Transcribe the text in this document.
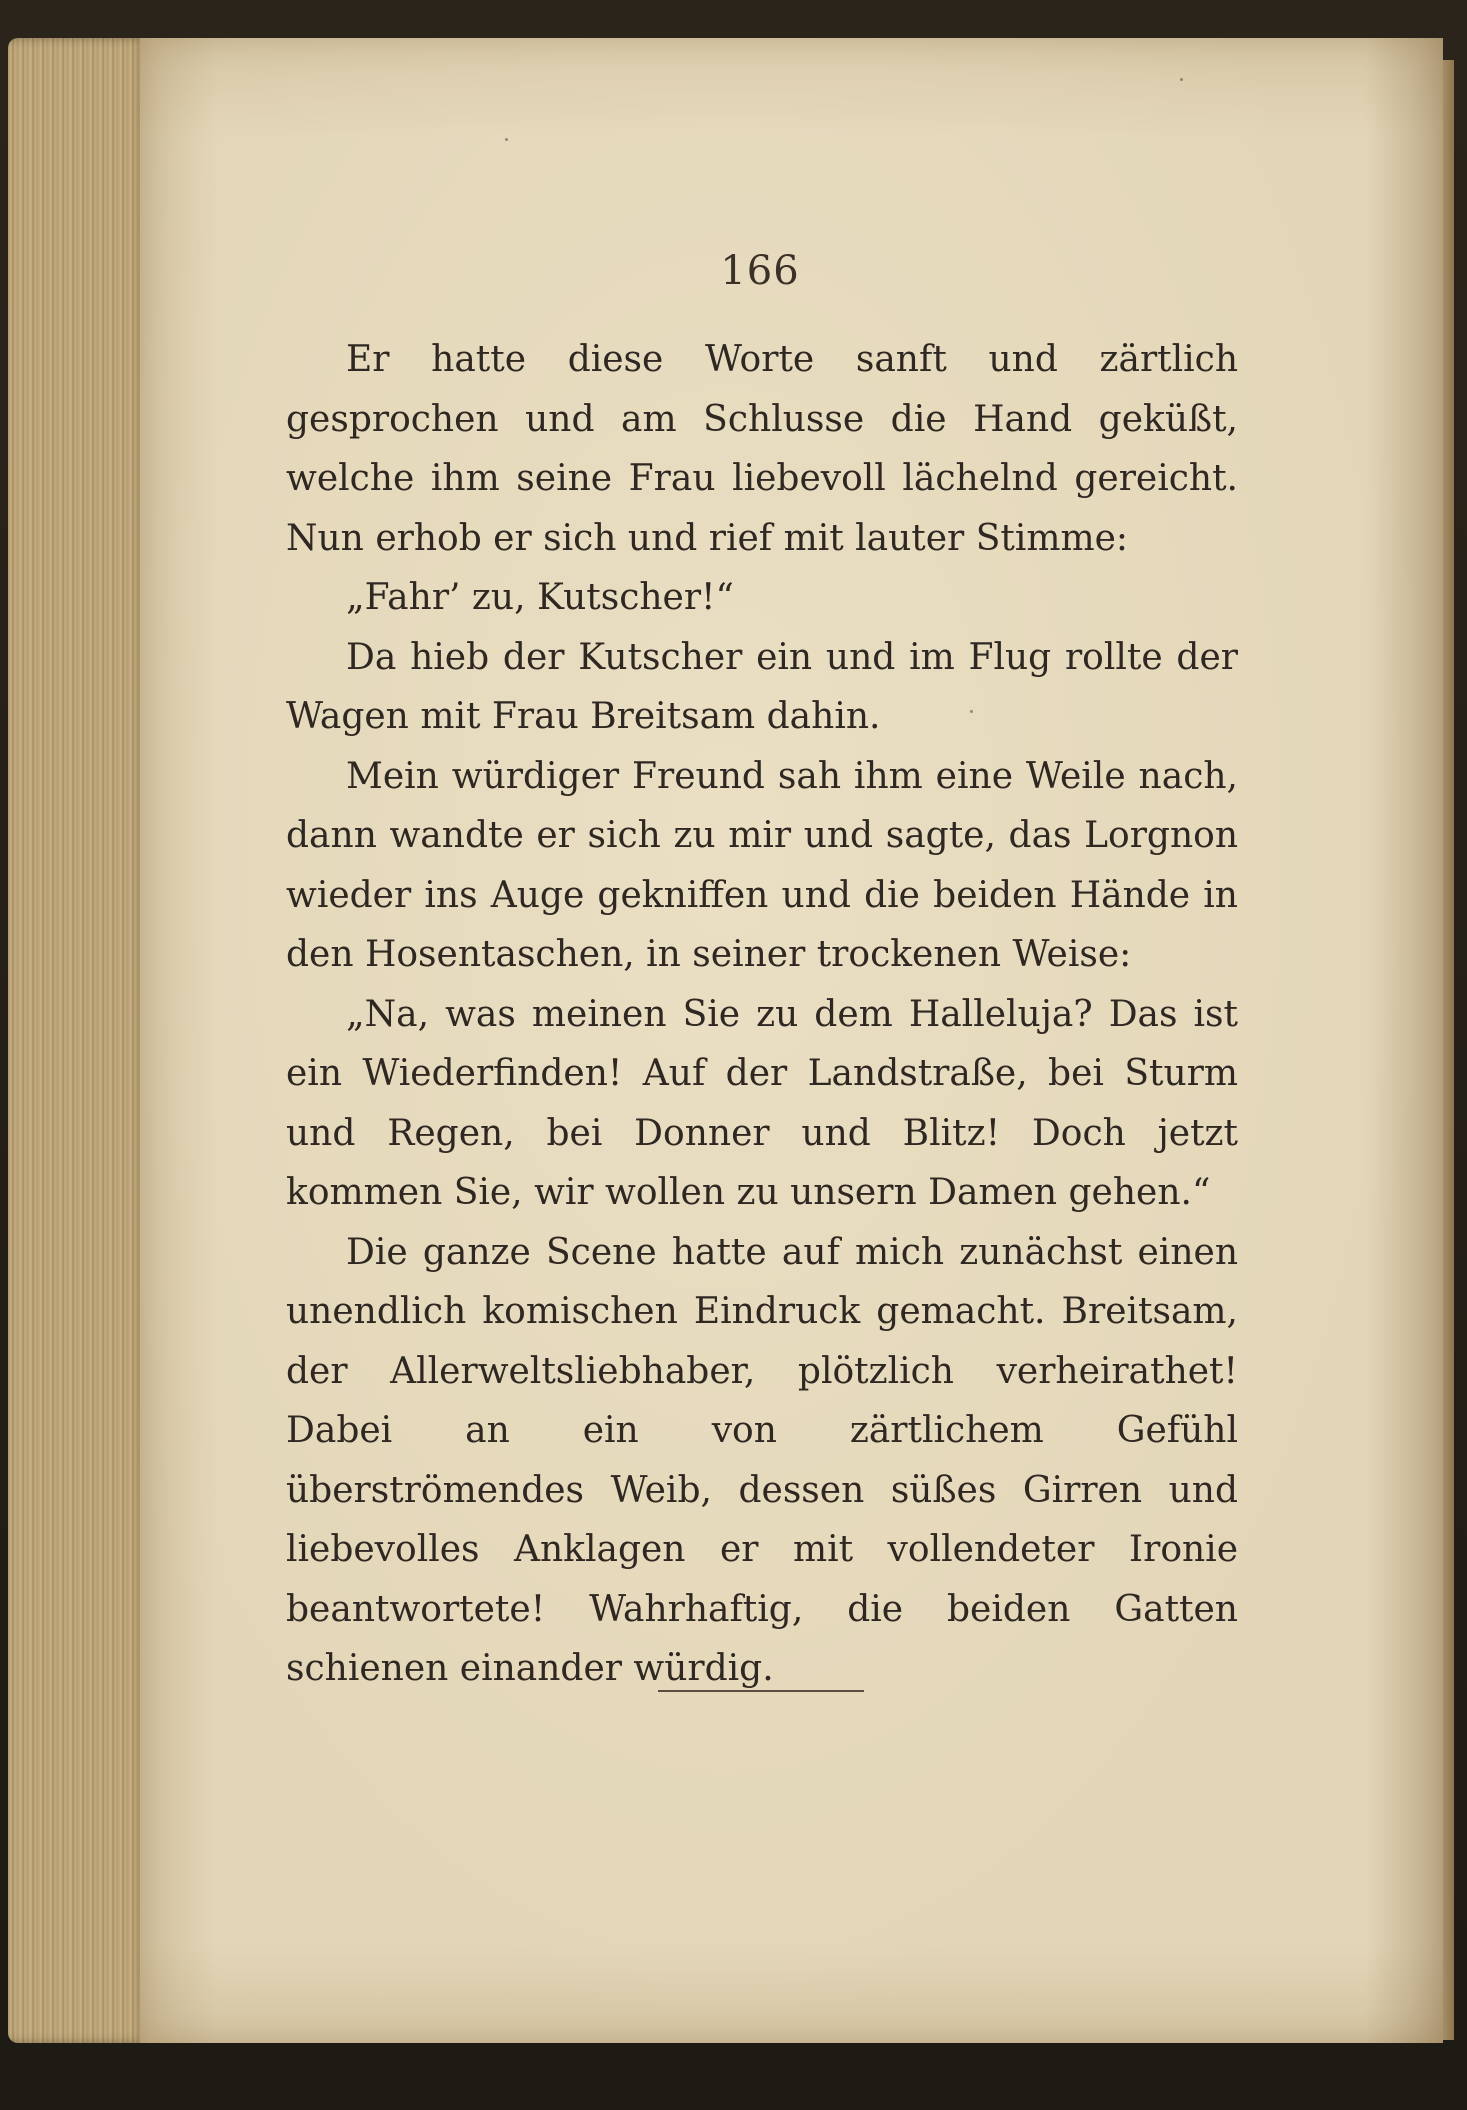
166

Er hatte diese Worte sanft und zärtlich gesprochen und am Schlusse die Hand geküßt, welche ihm seine Frau liebevoll lächelnd gereicht. Nun erhob er sich und rief mit lauter Stimme:

„Fahr’ zu, Kutscher!“

Da hieb der Kutscher ein und im Flug rollte der Wagen mit Frau Breitsam dahin.

Mein würdiger Freund sah ihm eine Weile nach, dann wandte er sich zu mir und sagte, das Lorgnon wieder ins Auge gekniffen und die beiden Hände in den Hosentaschen, in seiner trockenen Weise:

„Na, was meinen Sie zu dem Halleluja? Das ist ein Wiederfinden! Auf der Landstraße, bei Sturm und Regen, bei Donner und Blitz! Doch jetzt kommen Sie, wir wollen zu unsern Damen gehen.“

Die ganze Scene hatte auf mich zunächst einen unendlich komischen Eindruck gemacht. Breitsam, der Allerweltsliebhaber, plötzlich verheirathet! Dabei an ein von zärtlichem Gefühl überströmendes Weib, dessen süßes Girren und liebevolles Anklagen er mit vollendeter Ironie beantwortete! Wahrhaftig, die beiden Gatten schienen einander würdig.
